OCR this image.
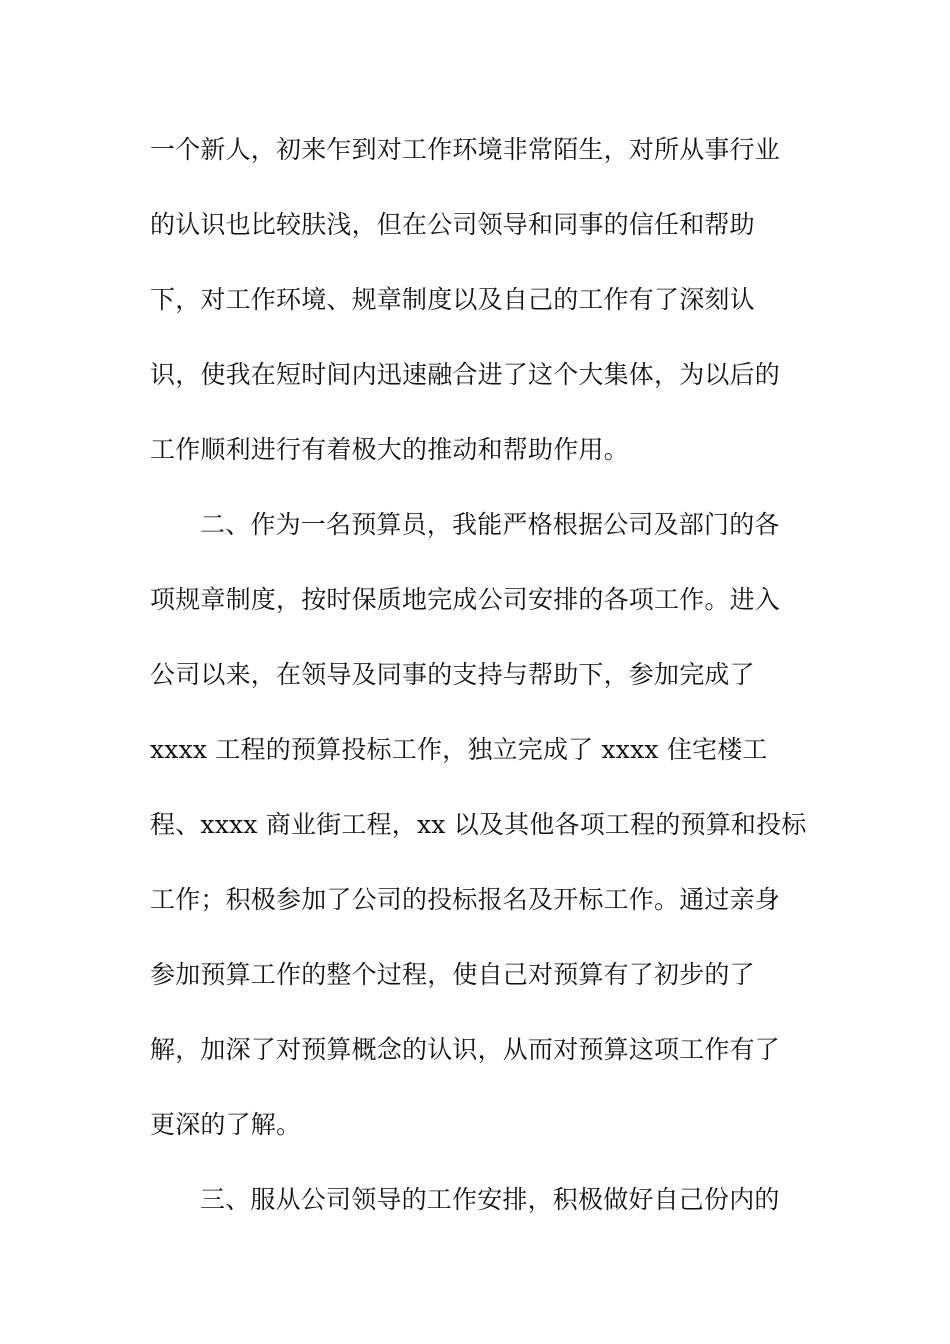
一个新人，初来乍到对工作环境非常陌生，对所从事行业
的认识也比较肤浅，但在公司领导和同事的信任和帮助
下，对工作环境、规章制度以及自己的工作有了深刻认
识，使我在短时间内迅速融合进了这个大集体，为以后的
工作顺利进行有着极大的推动和帮助作用。
二、作为一名预算员，我能严格根据公司及部门的各
项规章制度，按时保质地完成公司安排的各项工作。进入
公司以来，在领导及同事的支持与帮助下，参加完成了
xxxx 工程的预算投标工作，独立完成了 xxxx 住宅楼工
程、xxxx 商业街工程，xx 以及其他各项工程的预算和投标
工作；积极参加了公司的投标报名及开标工作。通过亲身
参加预算工作的整个过程，使自己对预算有了初步的了
解，加深了对预算概念的认识，从而对预算这项工作有了
更深的了解。
三、服从公司领导的工作安排，积极做好自己份内的
